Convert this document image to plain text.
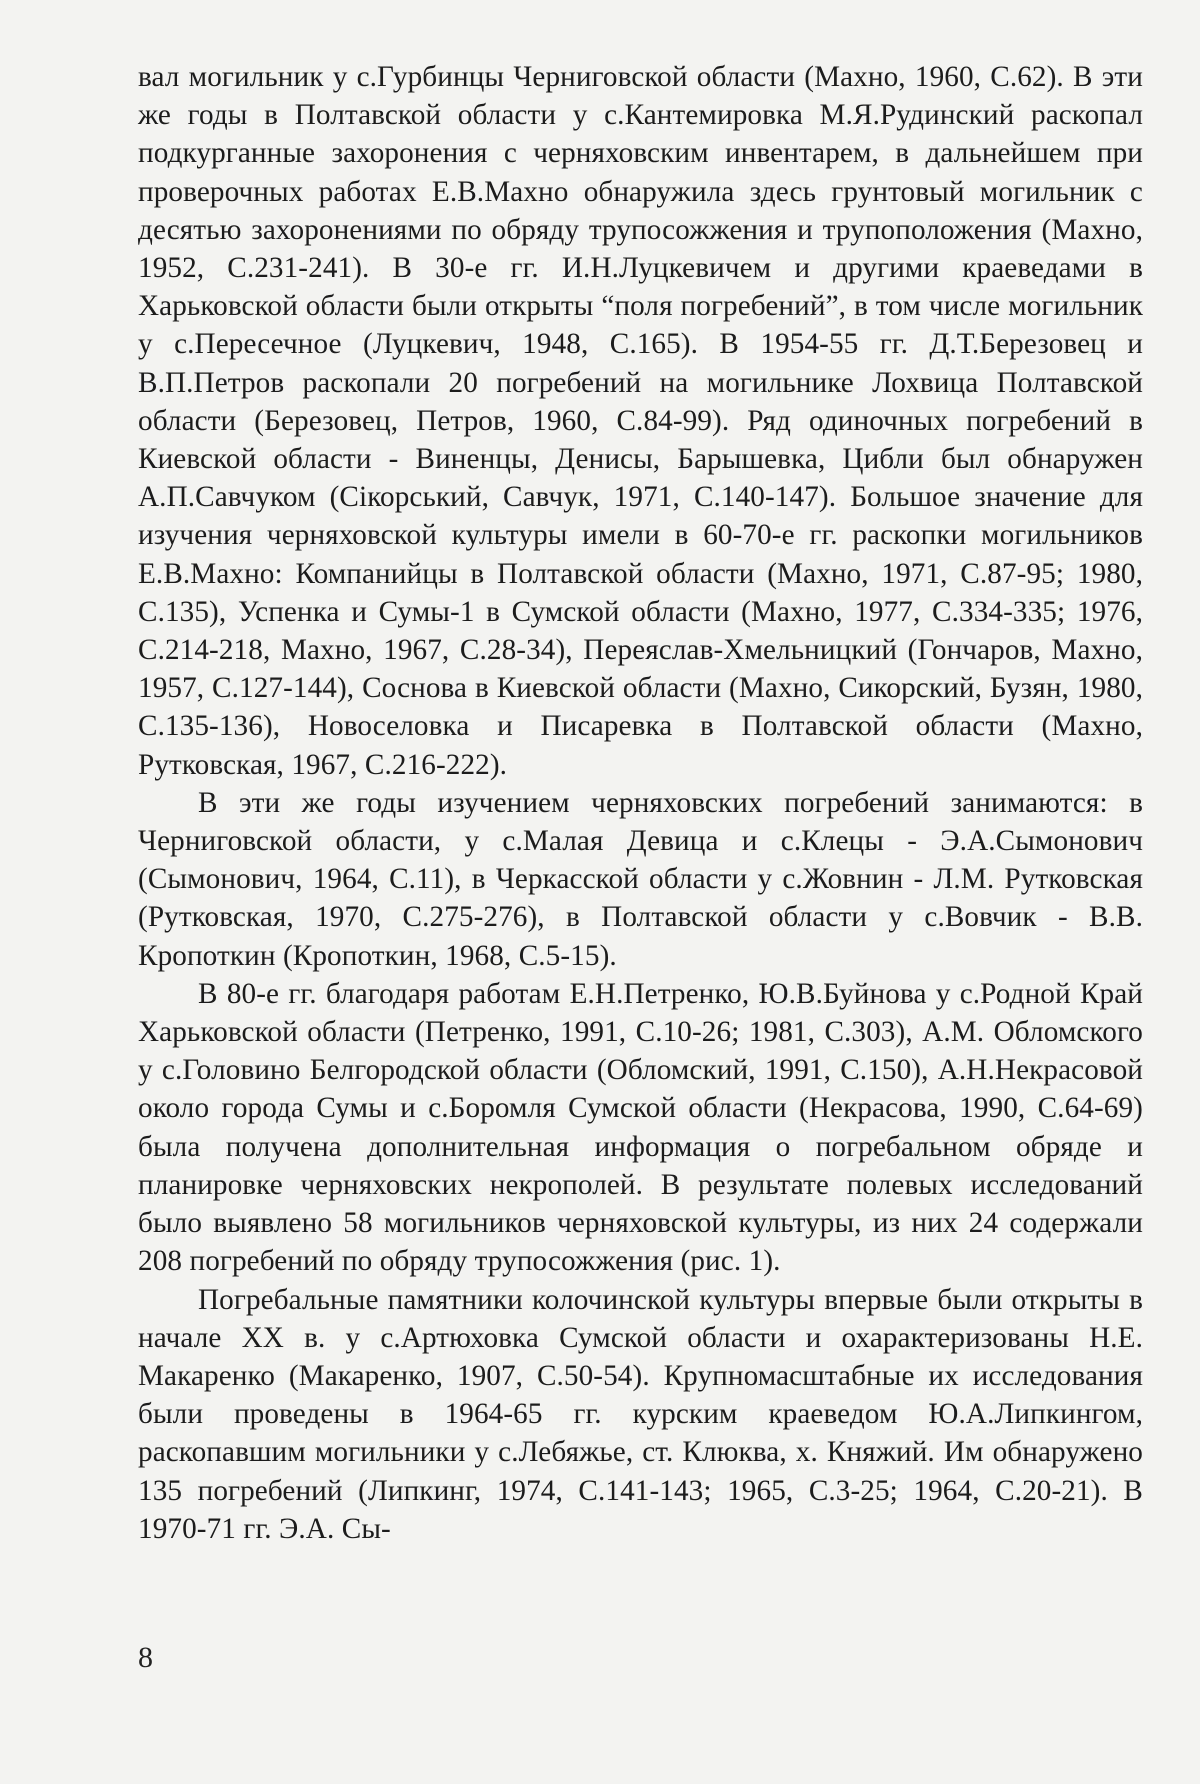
вал могильник у с.Гурбинцы Черниговской области (Махно, 1960, С.62). В эти же годы в Полтавской области у с.Кантемировка М.Я.Рудинский раскопал подкурганные захоронения с черняховским инвентарем, в дальнейшем при проверочных работах Е.В.Махно обнаружила здесь грунтовый могильник с десятью захоронениями по обряду трупосожжения и трупоположения (Махно, 1952, С.231-241). В 30-е гг. И.Н.Луцкевичем и другими краеведами в Харьковской области были открыты “поля погребений”, в том числе могильник у с.Пересечное (Луцкевич, 1948, С.165). В 1954-55 гг. Д.Т.Березовец и В.П.Петров раскопали 20 погребений на могильнике Лохвица Полтавской области (Березовец, Петров, 1960, С.84-99). Ряд одиночных погребений в Киевской области - Виненцы, Денисы, Барышевка, Цибли был обнаружен А.П.Савчуком (Сікорський, Савчук, 1971, С.140-147). Большое значение для изучения черняховской культуры имели в 60-70-е гг. раскопки могильников Е.В.Махно: Компанийцы в Полтавской области (Махно, 1971, С.87-95; 1980, С.135), Успенка и Сумы-1 в Сумской области (Махно, 1977, С.334-335; 1976, С.214-218, Махно, 1967, С.28-34), Переяслав-Хмельницкий (Гончаров, Махно, 1957, С.127-144), Соснова в Киевской области (Махно, Сикорский, Бузян, 1980, С.135-136), Новоселовка и Писаревка в Полтавской области (Махно, Рутковская, 1967, С.216-222).

В эти же годы изучением черняховских погребений занимаются: в Черниговской области, у с.Малая Девица и с.Клецы - Э.А.Сымонович (Сымонович, 1964, С.11), в Черкасской области у с.Жовнин - Л.М. Рутковская (Рутковская, 1970, С.275-276), в Полтавской области у с.Вовчик - В.В. Кропоткин (Кропоткин, 1968, С.5-15).

В 80-е гг. благодаря работам Е.Н.Петренко, Ю.В.Буйнова у с.Родной Край Харьковской области (Петренко, 1991, С.10-26; 1981, С.303), А.М. Обломского у с.Головино Белгородской области (Обломский, 1991, С.150), А.Н.Некрасовой около города Сумы и с.Боромля Сумской области (Некрасова, 1990, С.64-69) была получена дополнительная информация о погребальном обряде и планировке черняховских некрополей. В результате полевых исследований было выявлено 58 могильников черняховской культуры, из них 24 содержали 208 погребений по обряду трупосожжения (рис. 1).

Погребальные памятники колочинской культуры впервые были открыты в начале XX в. у с.Артюховка Сумской области и охарактеризованы Н.Е. Макаренко (Макаренко, 1907, С.50-54). Крупномасштабные их исследования были проведены в 1964-65 гг. курским краеведом Ю.А.Липкингом, раскопавшим могильники у с.Лебяжье, ст. Клюква, х. Княжий. Им обнаружено 135 погребений (Липкинг, 1974, С.141-143; 1965, С.3-25; 1964, С.20-21). В 1970-71 гг. Э.А. Сы-

8
